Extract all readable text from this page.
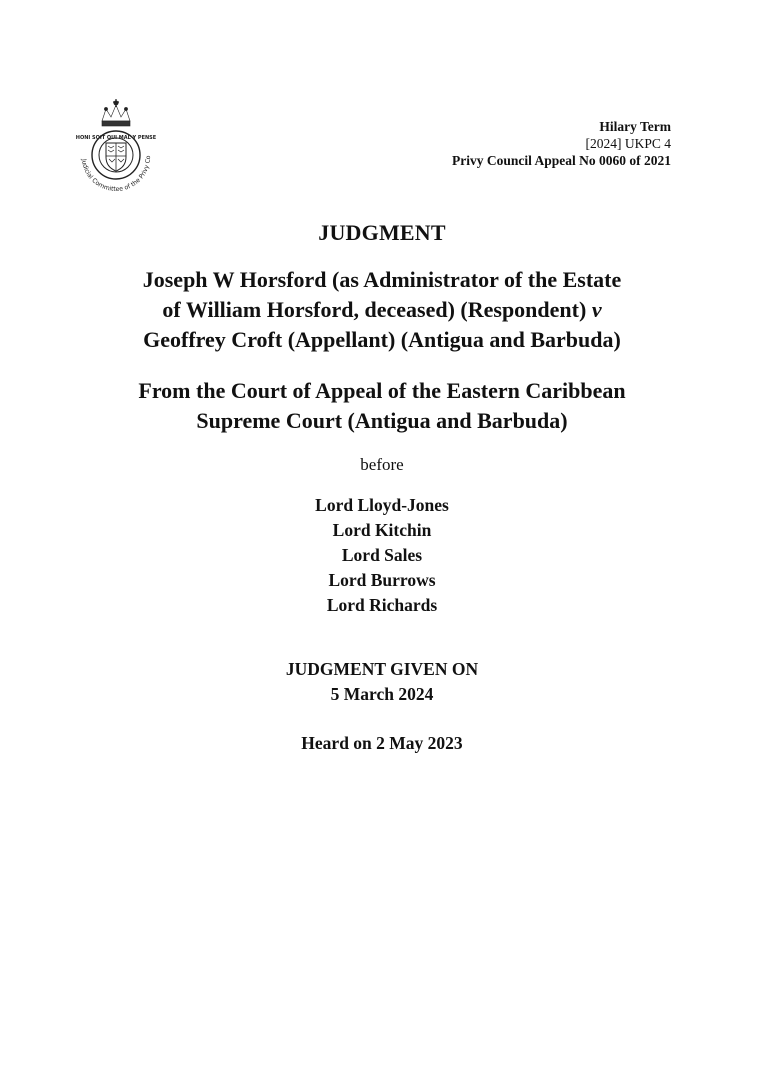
Judicial Committee of the Privy Co
HONI SOIT QUI MAL Y PENSE
Hilary Term
[2024] UKPC 4
Privy Council Appeal No 0060 of 2021
JUDGMENT
Joseph W Horsford (as Administrator of the Estate
of William Horsford, deceased) (Respondent) v
Geoffrey Croft (Appellant) (Antigua and Barbuda)
From the Court of Appeal of the Eastern Caribbean
Supreme Court (Antigua and Barbuda)
before
Lord Lloyd-Jones
Lord Kitchin
Lord Sales
Lord Burrows
Lord Richards
JUDGMENT GIVEN ON
5 March 2024
Heard on 2 May 2023
